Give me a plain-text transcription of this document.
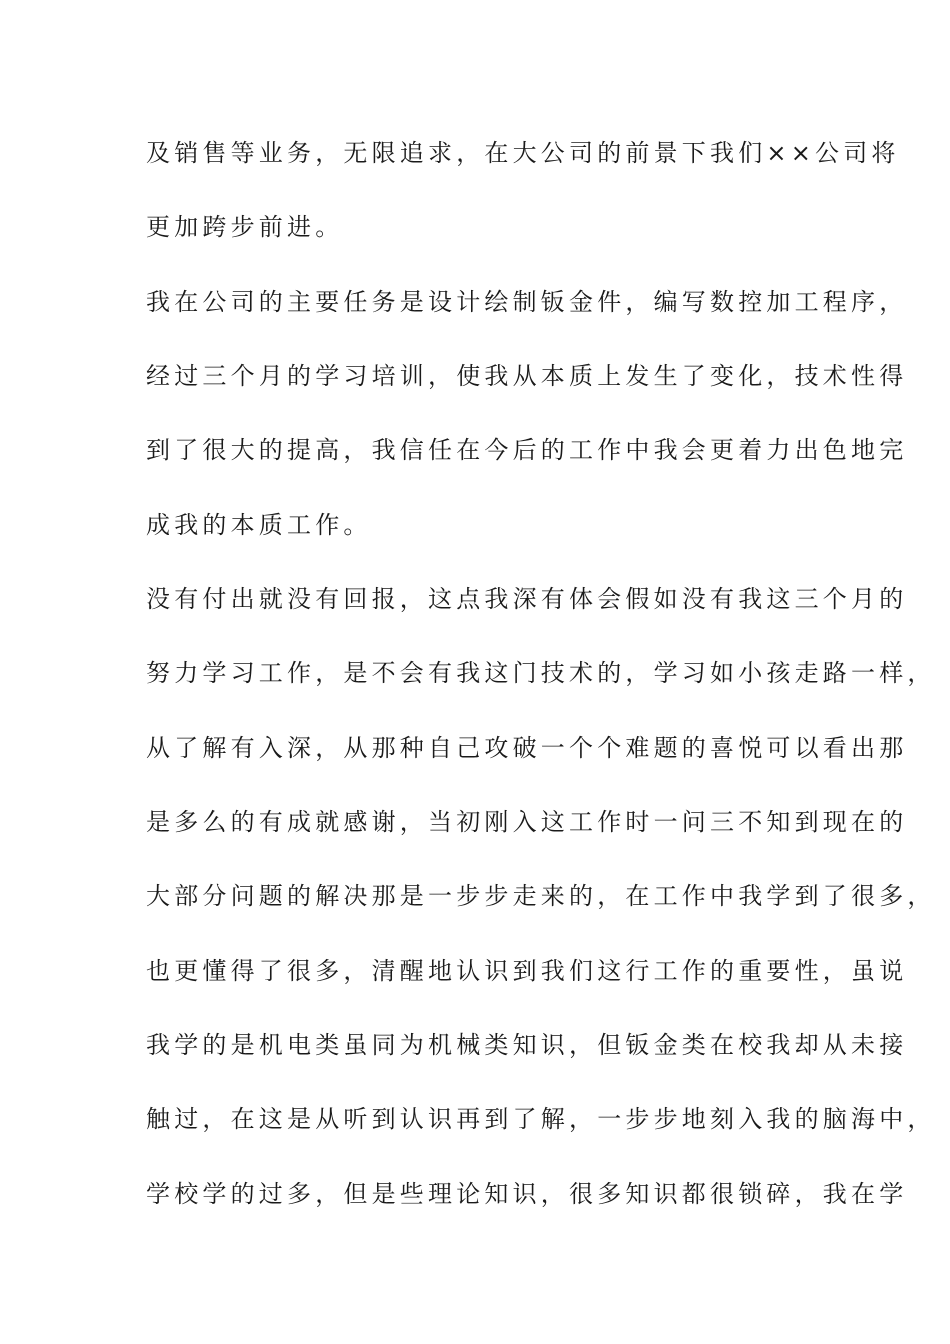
及销售等业务，无限追求，在大公司的前景下我们××公司将
更加跨步前进。
我在公司的主要任务是设计绘制钣金件，编写数控加工程序，
经过三个月的学习培训，使我从本质上发生了变化，技术性得
到了很大的提高，我信任在今后的工作中我会更着力出色地完
成我的本质工作。
没有付出就没有回报，这点我深有体会假如没有我这三个月的
努力学习工作，是不会有我这门技术的，学习如小孩走路一样，
从了解有入深，从那种自己攻破一个个难题的喜悦可以看出那
是多么的有成就感谢，当初刚入这工作时一问三不知到现在的
大部分问题的解决那是一步步走来的，在工作中我学到了很多，
也更懂得了很多，清醒地认识到我们这行工作的重要性，虽说
我学的是机电类虽同为机械类知识，但钣金类在校我却从未接
触过，在这是从听到认识再到了解，一步步地刻入我的脑海中，
学校学的过多，但是些理论知识，很多知识都很锁碎，我在学
